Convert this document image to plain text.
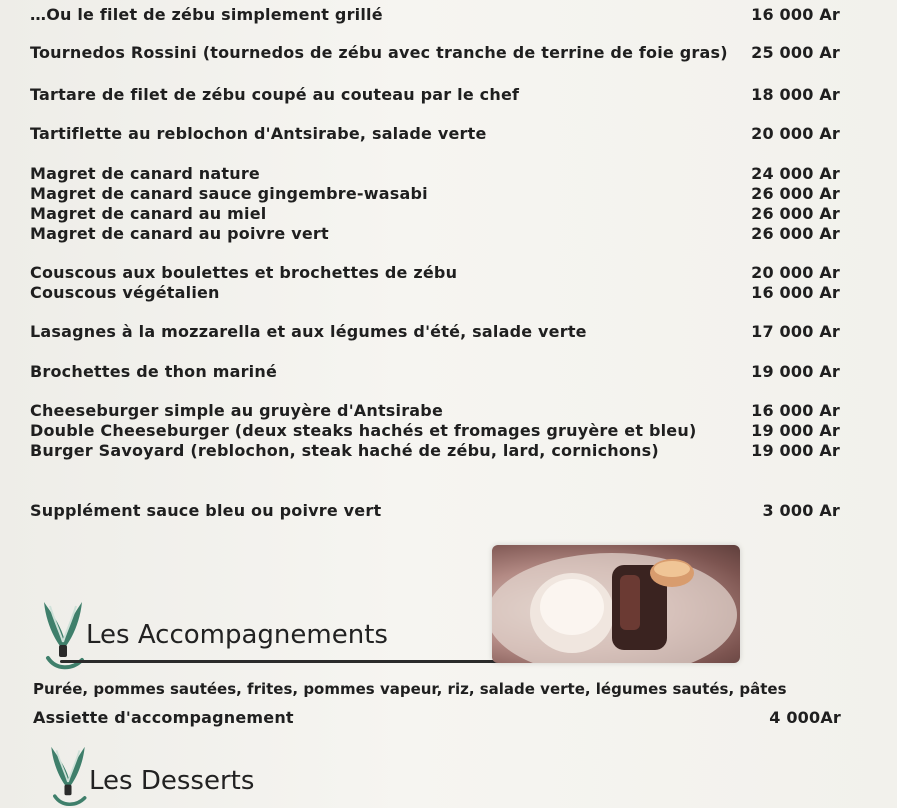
…Ou le filet de zébu simplement grillé	16 000 Ar
Tournedos Rossini (tournedos de zébu avec tranche de terrine de foie gras)	25 000 Ar
Tartare de filet de zébu coupé au couteau par le chef	18 000 Ar
Tartiflette au reblochon d'Antsirabe, salade verte	20 000 Ar
Magret de canard nature	24 000 Ar
Magret de canard sauce gingembre-wasabi	26 000 Ar
Magret de canard au miel	26 000 Ar
Magret de canard au poivre vert	26 000 Ar
Couscous aux boulettes et brochettes de zébu	20 000 Ar
Couscous végétalien	16 000 Ar
Lasagnes à la mozzarella et aux légumes d'été, salade verte	17 000 Ar
Brochettes de thon mariné	19 000 Ar
Cheeseburger simple au gruyère d'Antsirabe	16 000 Ar
Double Cheeseburger (deux steaks hachés et fromages gruyère et bleu)	19 000 Ar
Burger Savoyard (reblochon, steak haché de zébu, lard, cornichons)	19 000 Ar
Supplément sauce bleu ou poivre vert	3 000 Ar
Les Accompagnements
Purée, pommes sautées, frites, pommes vapeur, riz, salade verte, légumes sautés, pâtes
Assiette d'accompagnement	4 000Ar
Les Desserts
